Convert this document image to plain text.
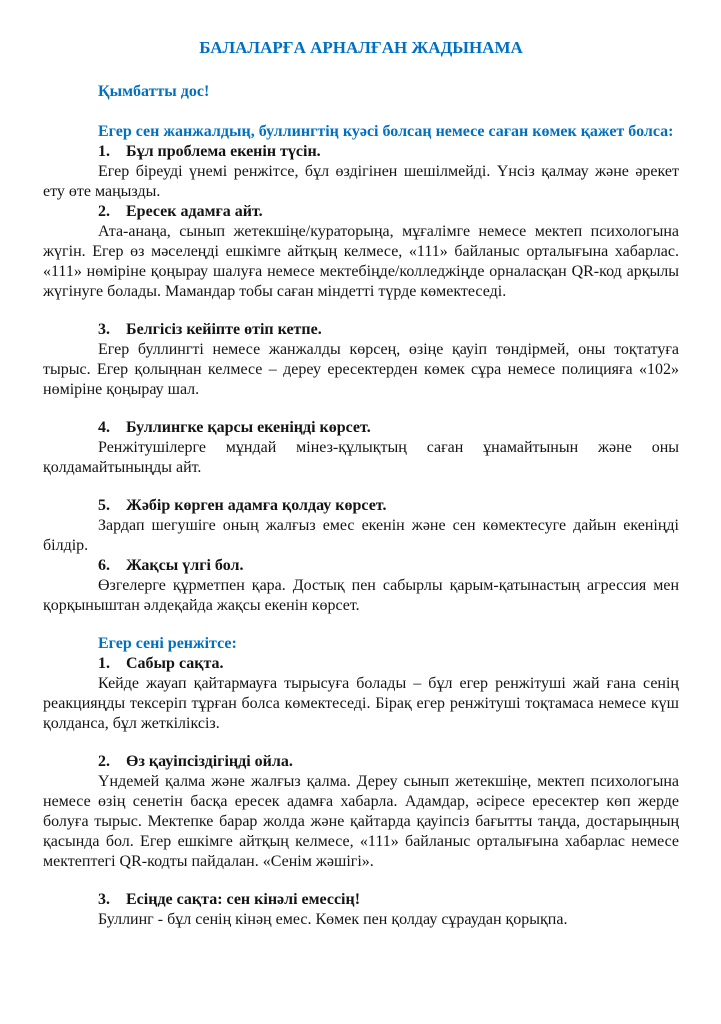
БАЛАЛАРҒА АРНАЛҒАН ЖАДЫНАМА

Қымбатты дос!

Егер сен жанжалдың, буллингтің куәсі болсаң немесе саған көмек қажет болса:

1. Бұл проблема екенін түсін.

Егер біреуді үнемі ренжітсе, бұл өздігінен шешілмейді. Үнсіз қалмау және әрекет ету өте маңызды.

2. Ересек адамға айт.

Ата-анаңа, сынып жетекшіңе/кураторыңа, мұғалімге немесе мектеп психологына жүгін. Егер өз мәселеңді ешкімге айтқың келмесе, «111» байланыс орталығына хабарлас. «111» нөміріне қоңырау шалуға немесе мектебіңде/колледжіңде орналасқан QR-код арқылы жүгінуге болады. Мамандар тобы саған міндетті түрде көмектеседі.

3. Белгісіз кейіпте өтіп кетпе.

Егер буллингті немесе жанжалды көрсең, өзіңе қауіп төндірмей, оны тоқтатуға тырыс. Егер қолыңнан келмесе – дереу ересектерден көмек сұра немесе полицияға «102» нөміріне қоңырау шал.

4. Буллингке қарсы екеніңді көрсет.

Ренжітушілерге мұндай мінез-құлықтың саған ұнамайтынын және оны қолдамайтыныңды айт.

5. Жәбір көрген адамға қолдау көрсет.

Зардап шегушіге оның жалғыз емес екенін және сен көмектесуге дайын екеніңді білдір.

6. Жақсы үлгі бол.

Өзгелерге құрметпен қара. Достық пен сабырлы қарым-қатынастың агрессия мен қорқыныштан әлдеқайда жақсы екенін көрсет.

Егер сені ренжітсе:

1. Сабыр сақта.

Кейде жауап қайтармауға тырысуға болады – бұл егер ренжітуші жай ғана сенің реакцияңды тексеріп тұрған болса көмектеседі. Бірақ егер ренжітуші тоқтамаса немесе күш қолданса, бұл жеткіліксіз.

2. Өз қауіпсіздігіңді ойла.

Үндемей қалма және жалғыз қалма. Дереу сынып жетекшіңе, мектеп психологына немесе өзің сенетін басқа ересек адамға хабарла. Адамдар, әсіресе ересектер көп жерде болуға тырыс. Мектепке барар жолда және қайтарда қауіпсіз бағытты таңда, достарыңның қасында бол. Егер ешкімге айтқың келмесе, «111» байланыс орталығына хабарлас немесе мектептегі QR-кодты пайдалан. «Сенім жәшігі».

3. Есіңде сақта: сен кінәлі емессің!

Буллинг - бұл сенің кінәң емес. Көмек пен қолдау сұраудан қорықпа.
